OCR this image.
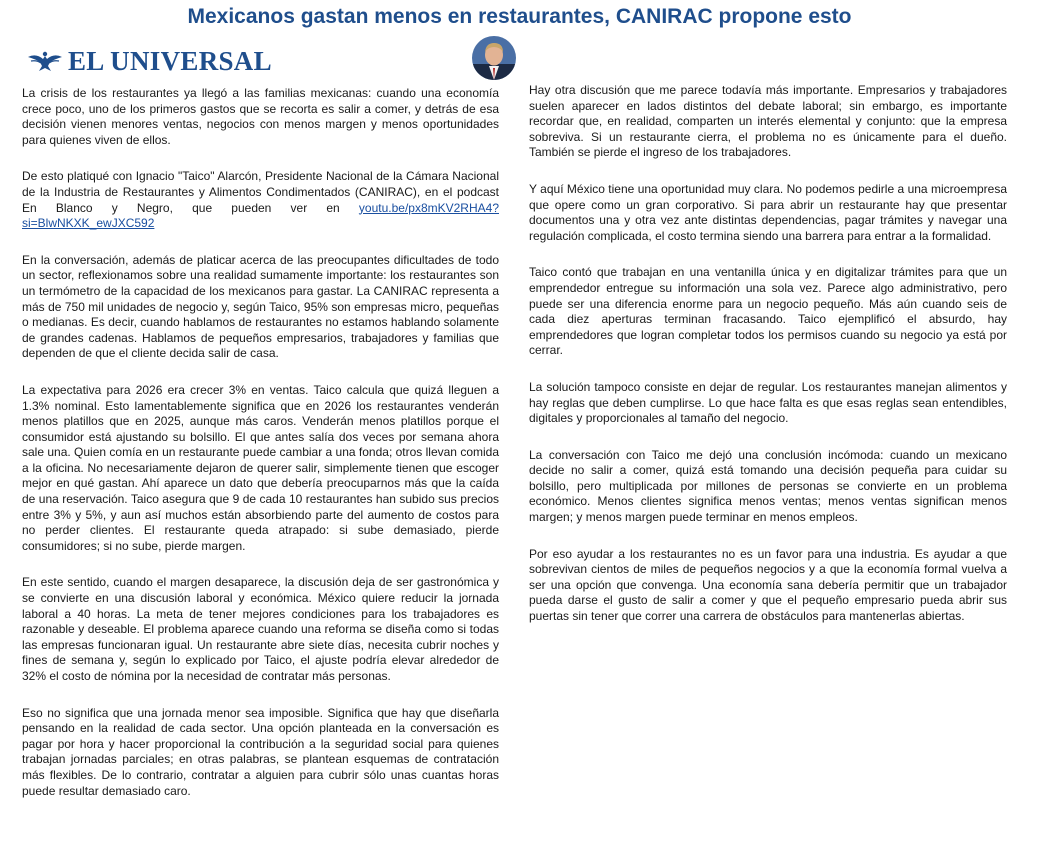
Mexicanos gastan menos en restaurantes, CANIRAC propone esto
EL UNIVERSAL

La crisis de los restaurantes ya llegó a las familias mexicanas: cuando una economía crece poco, uno de los primeros gastos que se recorta es salir a comer, y detrás de esa decisión vienen menores ventas, negocios con menos margen y menos oportunidades para quienes viven de ellos.

De esto platiqué con Ignacio "Taico" Alarcón, Presidente Nacional de la Cámara Nacional de la Industria de Restaurantes y Alimentos Condimentados (CANIRAC), en el podcast En Blanco y Negro, que pueden ver en youtu.be/px8mKV2RHA4?si=BlwNKXK_ewJXC592

En la conversación, además de platicar acerca de las preocupantes dificultades de todo un sector, reflexionamos sobre una realidad sumamente importante: los restaurantes son un termómetro de la capacidad de los mexicanos para gastar. La CANIRAC representa a más de 750 mil unidades de negocio y, según Taico, 95% son empresas micro, pequeñas o medianas. Es decir, cuando hablamos de restaurantes no estamos hablando solamente de grandes cadenas. Hablamos de pequeños empresarios, trabajadores y familias que dependen de que el cliente decida salir de casa.

La expectativa para 2026 era crecer 3% en ventas. Taico calcula que quizá lleguen a 1.3% nominal. Esto lamentablemente significa que en 2026 los restaurantes venderán menos platillos que en 2025, aunque más caros. Venderán menos platillos porque el consumidor está ajustando su bolsillo. El que antes salía dos veces por semana ahora sale una. Quien comía en un restaurante puede cambiar a una fonda; otros llevan comida a la oficina. No necesariamente dejaron de querer salir, simplemente tienen que escoger mejor en qué gastan. Ahí aparece un dato que debería preocuparnos más que la caída de una reservación. Taico asegura que 9 de cada 10 restaurantes han subido sus precios entre 3% y 5%, y aun así muchos están absorbiendo parte del aumento de costos para no perder clientes. El restaurante queda atrapado: si sube demasiado, pierde consumidores; si no sube, pierde margen.

En este sentido, cuando el margen desaparece, la discusión deja de ser gastronómica y se convierte en una discusión laboral y económica. México quiere reducir la jornada laboral a 40 horas. La meta de tener mejores condiciones para los trabajadores es razonable y deseable. El problema aparece cuando una reforma se diseña como si todas las empresas funcionaran igual. Un restaurante abre siete días, necesita cubrir noches y fines de semana y, según lo explicado por Taico, el ajuste podría elevar alrededor de 32% el costo de nómina por la necesidad de contratar más personas.

Eso no significa que una jornada menor sea imposible. Significa que hay que diseñarla pensando en la realidad de cada sector. Una opción planteada en la conversación es pagar por hora y hacer proporcional la contribución a la seguridad social para quienes trabajan jornadas parciales; en otras palabras, se plantean esquemas de contratación más flexibles. De lo contrario, contratar a alguien para cubrir sólo unas cuantas horas puede resultar demasiado caro.

Hay otra discusión que me parece todavía más importante. Empresarios y trabajadores suelen aparecer en lados distintos del debate laboral; sin embargo, es importante recordar que, en realidad, comparten un interés elemental y conjunto: que la empresa sobreviva. Si un restaurante cierra, el problema no es únicamente para el dueño. También se pierde el ingreso de los trabajadores.

Y aquí México tiene una oportunidad muy clara. No podemos pedirle a una microempresa que opere como un gran corporativo. Si para abrir un restaurante hay que presentar documentos una y otra vez ante distintas dependencias, pagar trámites y navegar una regulación complicada, el costo termina siendo una barrera para entrar a la formalidad.

Taico contó que trabajan en una ventanilla única y en digitalizar trámites para que un emprendedor entregue su información una sola vez. Parece algo administrativo, pero puede ser una diferencia enorme para un negocio pequeño. Más aún cuando seis de cada diez aperturas terminan fracasando. Taico ejemplificó el absurdo, hay emprendedores que logran completar todos los permisos cuando su negocio ya está por cerrar.

La solución tampoco consiste en dejar de regular. Los restaurantes manejan alimentos y hay reglas que deben cumplirse. Lo que hace falta es que esas reglas sean entendibles, digitales y proporcionales al tamaño del negocio.

La conversación con Taico me dejó una conclusión incómoda: cuando un mexicano decide no salir a comer, quizá está tomando una decisión pequeña para cuidar su bolsillo, pero multiplicada por millones de personas se convierte en un problema económico. Menos clientes significa menos ventas; menos ventas significan menos margen; y menos margen puede terminar en menos empleos.

Por eso ayudar a los restaurantes no es un favor para una industria. Es ayudar a que sobrevivan cientos de miles de pequeños negocios y a que la economía formal vuelva a ser una opción que convenga. Una economía sana debería permitir que un trabajador pueda darse el gusto de salir a comer y que el pequeño empresario pueda abrir sus puertas sin tener que correr una carrera de obstáculos para mantenerlas abiertas.
